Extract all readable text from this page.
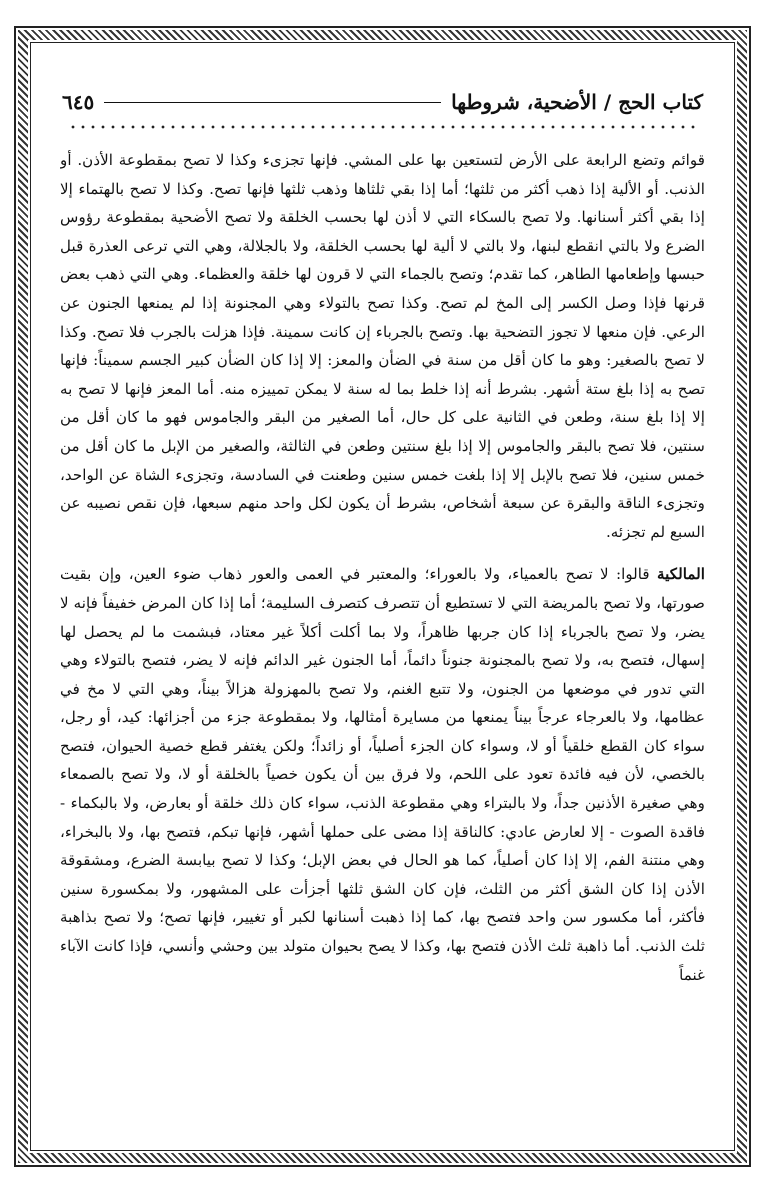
كتاب الحج / الأضحية، شروطها
٦٤٥

قوائم وتضع الرابعة على الأرض لتستعين بها على المشي. فإنها تجزىء وكذا لا تصح بمقطوعة الأذن. أو الذنب. أو الألية إذا ذهب أكثر من ثلثها؛ أما إذا بقي ثلثاها وذهب ثلثها فإنها تصح. وكذا لا تصح بالهتماء إلا إذا بقي أكثر أسنانها. ولا تصح بالسكاء التي لا أذن لها بحسب الخلقة ولا تصح الأضحية بمقطوعة رؤوس الضرع ولا بالتي انقطع لبنها، ولا بالتي لا ألية لها بحسب الخلقة، ولا بالجلالة، وهي التي ترعى العذرة قبل حبسها وإطعامها الطاهر، كما تقدم؛ وتصح بالجماء التي لا قرون لها خلقة والعظماء. وهي التي ذهب بعض قرنها فإذا وصل الكسر إلى المخ لم تصح. وكذا تصح بالتولاء وهي المجنونة إذا لم يمنعها الجنون عن الرعي. فإن منعها لا تجوز التضحية بها. وتصح بالجرباء إن كانت سمينة. فإذا هزلت بالجرب فلا تصح. وكذا لا تصح بالصغير: وهو ما كان أقل من سنة في الضأن والمعز: إلا إذا كان الضأن كبير الجسم سميناً: فإنها تصح به إذا بلغ ستة أشهر. بشرط أنه إذا خلط بما له سنة لا يمكن تمييزه منه. أما المعز فإنها لا تصح به إلا إذا بلغ سنة، وطعن في الثانية على كل حال، أما الصغير من البقر والجاموس فهو ما كان أقل من سنتين، فلا تصح بالبقر والجاموس إلا إذا بلغ سنتين وطعن في الثالثة، والصغير من الإبل ما كان أقل من خمس سنين، فلا تصح بالإبل إلا إذا بلغت خمس سنين وطعنت في السادسة، وتجزىء الشاة عن الواحد، وتجزىء الناقة والبقرة عن سبعة أشخاص، بشرط أن يكون لكل واحد منهم سبعها، فإن نقص نصيبه عن السبع لم تجزئه.

المالكية قالوا: لا تصح بالعمياء، ولا بالعوراء؛ والمعتبر في العمى والعور ذهاب ضوء العين، وإن بقيت صورتها، ولا تصح بالمريضة التي لا تستطيع أن تتصرف كتصرف السليمة؛ أما إذا كان المرض خفيفاً فإنه لا يضر، ولا تصح بالجرباء إذا كان جربها ظاهراً، ولا بما أكلت أكلاً غير معتاد، فبشمت ما لم يحصل لها إسهال، فتصح به، ولا تصح بالمجنونة جنوناً دائماً، أما الجنون غير الدائم فإنه لا يضر، فتصح بالتولاء وهي التي تدور في موضعها من الجنون، ولا تتبع الغنم، ولا تصح بالمهزولة هزالاً بيناً، وهي التي لا مخ في عظامها، ولا بالعرجاء عرجاً بيناً يمنعها من مسايرة أمثالها، ولا بمقطوعة جزء من أجزائها: كيد، أو رجل، سواء كان القطع خلقياً أو لا، وسواء كان الجزء أصلياً، أو زائداً؛ ولكن يغتفر قطع خصية الحيوان، فتصح بالخصي، لأن فيه فائدة تعود على اللحم، ولا فرق بين أن يكون خصياً بالخلقة أو لا، ولا تصح بالصمعاء وهي صغيرة الأذنين جداً، ولا بالبتراء وهي مقطوعة الذنب، سواء كان ذلك خلقة أو بعارض، ولا بالبكماء - فاقدة الصوت - إلا لعارض عادي: كالناقة إذا مضى على حملها أشهر، فإنها تبكم، فتصح بها، ولا بالبخراء، وهي منتنة الفم، إلا إذا كان أصلياً، كما هو الحال في بعض الإبل؛ وكذا لا تصح بيابسة الضرع، ومشقوقة الأذن إذا كان الشق أكثر من الثلث، فإن كان الشق ثلثها أجزأت على المشهور، ولا بمكسورة سنين فأكثر، أما مكسور سن واحد فتصح بها، كما إذا ذهبت أسنانها لكبر أو تغيير، فإنها تصح؛ ولا تصح بذاهبة ثلث الذنب. أما ذاهبة ثلث الأذن فتصح بها، وكذا لا يصح بحيوان متولد بين وحشي وأنسي، فإذا كانت الآباء غنماً
